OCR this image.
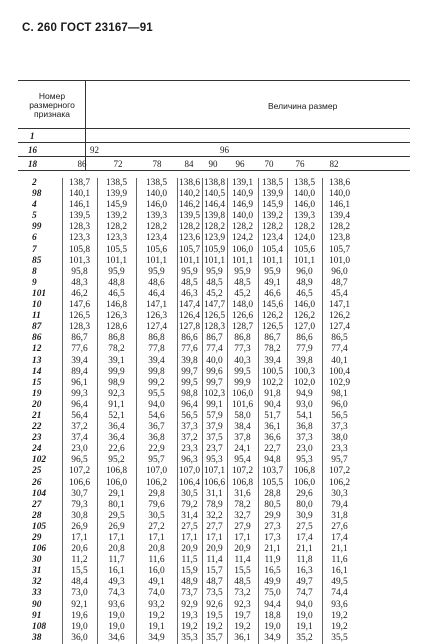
С. 260 ГОСТ 23167—91
Номер размерного признака
Величина размер
1
16	92	96
18	86	72	78	84	90	96	70	76	82
2	138,7	138,5	138,5	138,6	138,8	139,1	138,5	138,5	138,6
98	140,1	139,9	140,0	140,2	140,5	140,9	139,9	140,0	140,0
4	146,1	145,9	146,0	146,2	146,4	146,9	145,9	146,0	146,1
5	139,5	139,2	139,3	139,5	139,8	140,0	139,2	139,3	139,4
99	128,3	128,2	128,2	128,2	128,2	128,2	128,2	128,2	128,2
6	123,3	123,3	123,4	123,6	123,9	124,2	123,4	124,0	123,8
7	105,8	105,5	105,6	105,7	105,9	106,0	105,4	105,6	105,7
85	101,3	101,1	101,1	101,1	101,1	101,1	101,1	101,1	101,0
8	95,8	95,9	95,9	95,9	95,9	95,9	95,9	96,0	96,0
9	48,3	48,8	48,6	48,5	48,5	48,5	49,1	48,9	48,7
101	46,2	46,5	46,4	46,3	45,2	45,2	46,6	46,5	45,4
10	147,6	146,8	147,1	147,4	147,7	148,0	145,6	146,0	147,1
11	126,5	126,3	126,3	126,4	126,5	126,6	126,2	126,2	126,2
87	128,3	128,6	127,4	127,8	128,3	128,7	126,5	127,0	127,4
86	86,7	86,8	86,8	86,6	86,7	86,8	86,7	86,6	86,5
12	77,6	78,2	77,8	77,6	77,4	77,3	78,2	77,9	77,4
13	39,4	39,1	39,4	39,8	40,0	40,3	39,4	39,8	40,1
14	89,4	99,9	99,8	99,7	99,6	99,5	100,5	100,3	100,4
15	96,1	98,9	99,2	99,5	99,7	99,9	102,2	102,0	102,9
19	99,3	92,3	95,5	98,8	102,3	106,0	91,8	94,9	98,1
20	96,4	91,1	94,0	96,4	99,1	101,6	90,4	93,0	96,0
21	56,4	52,1	54,6	56,5	57,9	58,0	51,7	54,1	56,5
22	37,2	36,4	36,7	37,3	37,9	38,4	36,1	36,8	37,3
23	37,4	36,4	36,8	37,2	37,5	37,8	36,6	37,3	38,0
24	23,0	22,6	22,9	23,3	23,7	24,1	22,7	23,0	23,3
102	96,5	95,2	95,7	96,3	95,3	95,4	94,8	95,3	95,7
25	107,2	106,8	107,0	107,0	107,1	107,2	103,7	106,8	107,2
26	106,6	106,0	106,2	106,4	106,6	106,8	105,5	106,0	106,2
104	30,7	29,1	29,8	30,5	31,1	31,6	28,8	29,6	30,3
27	79,3	80,1	79,6	79,2	78,9	78,2	80,5	80,0	79,4
28	30,8	29,5	30,5	31,4	32,2	32,7	29,9	30,9	31,8
105	26,9	26,9	27,2	27,5	27,7	27,9	27,3	27,5	27,6
29	17,1	17,1	17,1	17,1	17,1	17,1	17,3	17,4	17,4
106	20,6	20,8	20,8	20,9	20,9	20,9	21,1	21,1	21,1
30	11,2	11,7	11,6	11,5	11,4	11,4	11,9	11,8	11,6
31	15,5	16,1	16,0	15,9	15,7	15,5	16,5	16,3	16,1
32	48,4	49,3	49,1	48,9	48,7	48,5	49,9	49,7	49,5
33	73,0	74,3	74,0	73,7	73,5	73,2	75,0	74,7	74,4
90	92,1	93,6	93,2	92,9	92,6	92,3	94,4	94,0	93,6
91	19,6	19,0	19,2	19,3	19,5	19,7	18,8	19,0	19,2
108	19,0	19,0	19,1	19,2	19,2	19,2	19,0	19,1	19,2
38	36,0	34,6	34,9	35,3	35,7	36,1	34,9	35,2	35,5
